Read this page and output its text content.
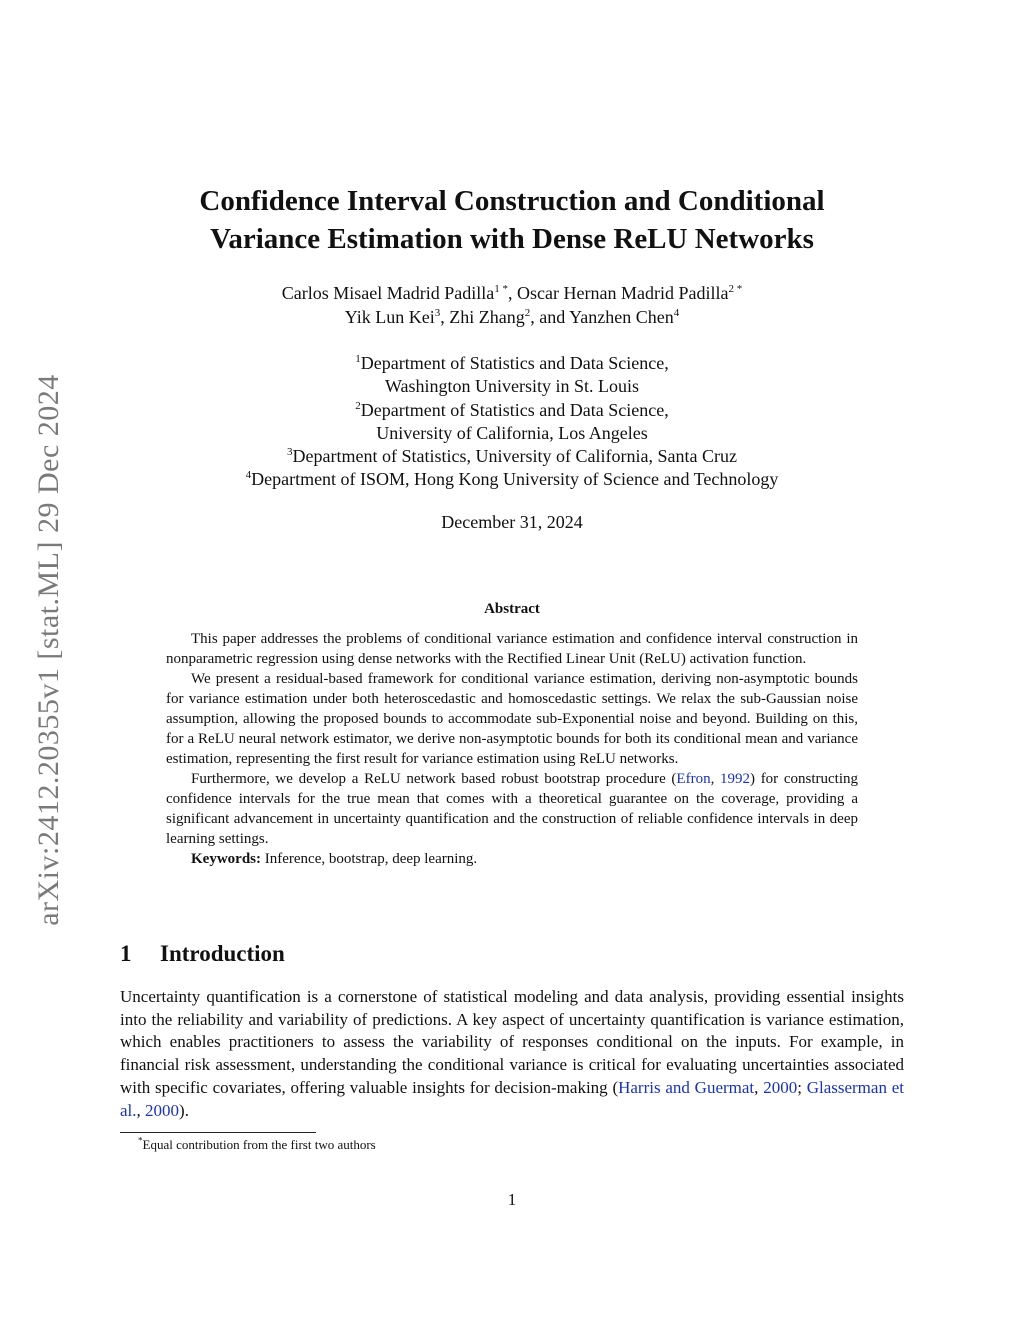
arXiv:2412.20355v1 [stat.ML] 29 Dec 2024
Confidence Interval Construction and Conditional
Variance Estimation with Dense ReLU Networks
Carlos Misael Madrid Padilla$^{1 *}$, Oscar Hernan Madrid Padilla$^{2 *}$
Yik Lun Kei$^3$, Zhi Zhang$^2$, and Yanzhen Chen$^4$
$^1$Department of Statistics and Data Science,
Washington University in St. Louis
$^2$Department of Statistics and Data Science,
University of California, Los Angeles
$^3$Department of Statistics, University of California, Santa Cruz
$^4$Department of ISOM, Hong Kong University of Science and Technology
December 31, 2024
Abstract

This paper addresses the problems of conditional variance estimation and confidence interval construction in nonparametric regression using dense networks with the Rectified Linear Unit (ReLU) activation function.

We present a residual-based framework for conditional variance estimation, deriving non-asymptotic bounds for variance estimation under both heteroscedastic and homoscedastic settings. We relax the sub-Gaussian noise assumption, allowing the proposed bounds to accommodate sub-Exponential noise and beyond. Building on this, for a ReLU neural network estimator, we derive non-asymptotic bounds for both its conditional mean and variance estimation, representing the first result for variance estimation using ReLU networks.

Furthermore, we develop a ReLU network based robust bootstrap procedure (Efron, 1992) for constructing confidence intervals for the true mean that comes with a theoretical guarantee on the coverage, providing a significant advancement in uncertainty quantification and the construction of reliable confidence intervals in deep learning settings.

Keywords: Inference, bootstrap, deep learning.

1 Introduction

Uncertainty quantification is a cornerstone of statistical modeling and data analysis, providing essential insights into the reliability and variability of predictions. A key aspect of uncertainty quantification is variance estimation, which enables practitioners to assess the variability of responses conditional on the inputs. For example, in financial risk assessment, understanding the conditional variance is critical for evaluating uncertainties associated with specific covariates, offering valuable insights for decision-making (Harris and Guermat, 2000; Glasserman et al., 2000).

*Equal contribution from the first two authors
1
